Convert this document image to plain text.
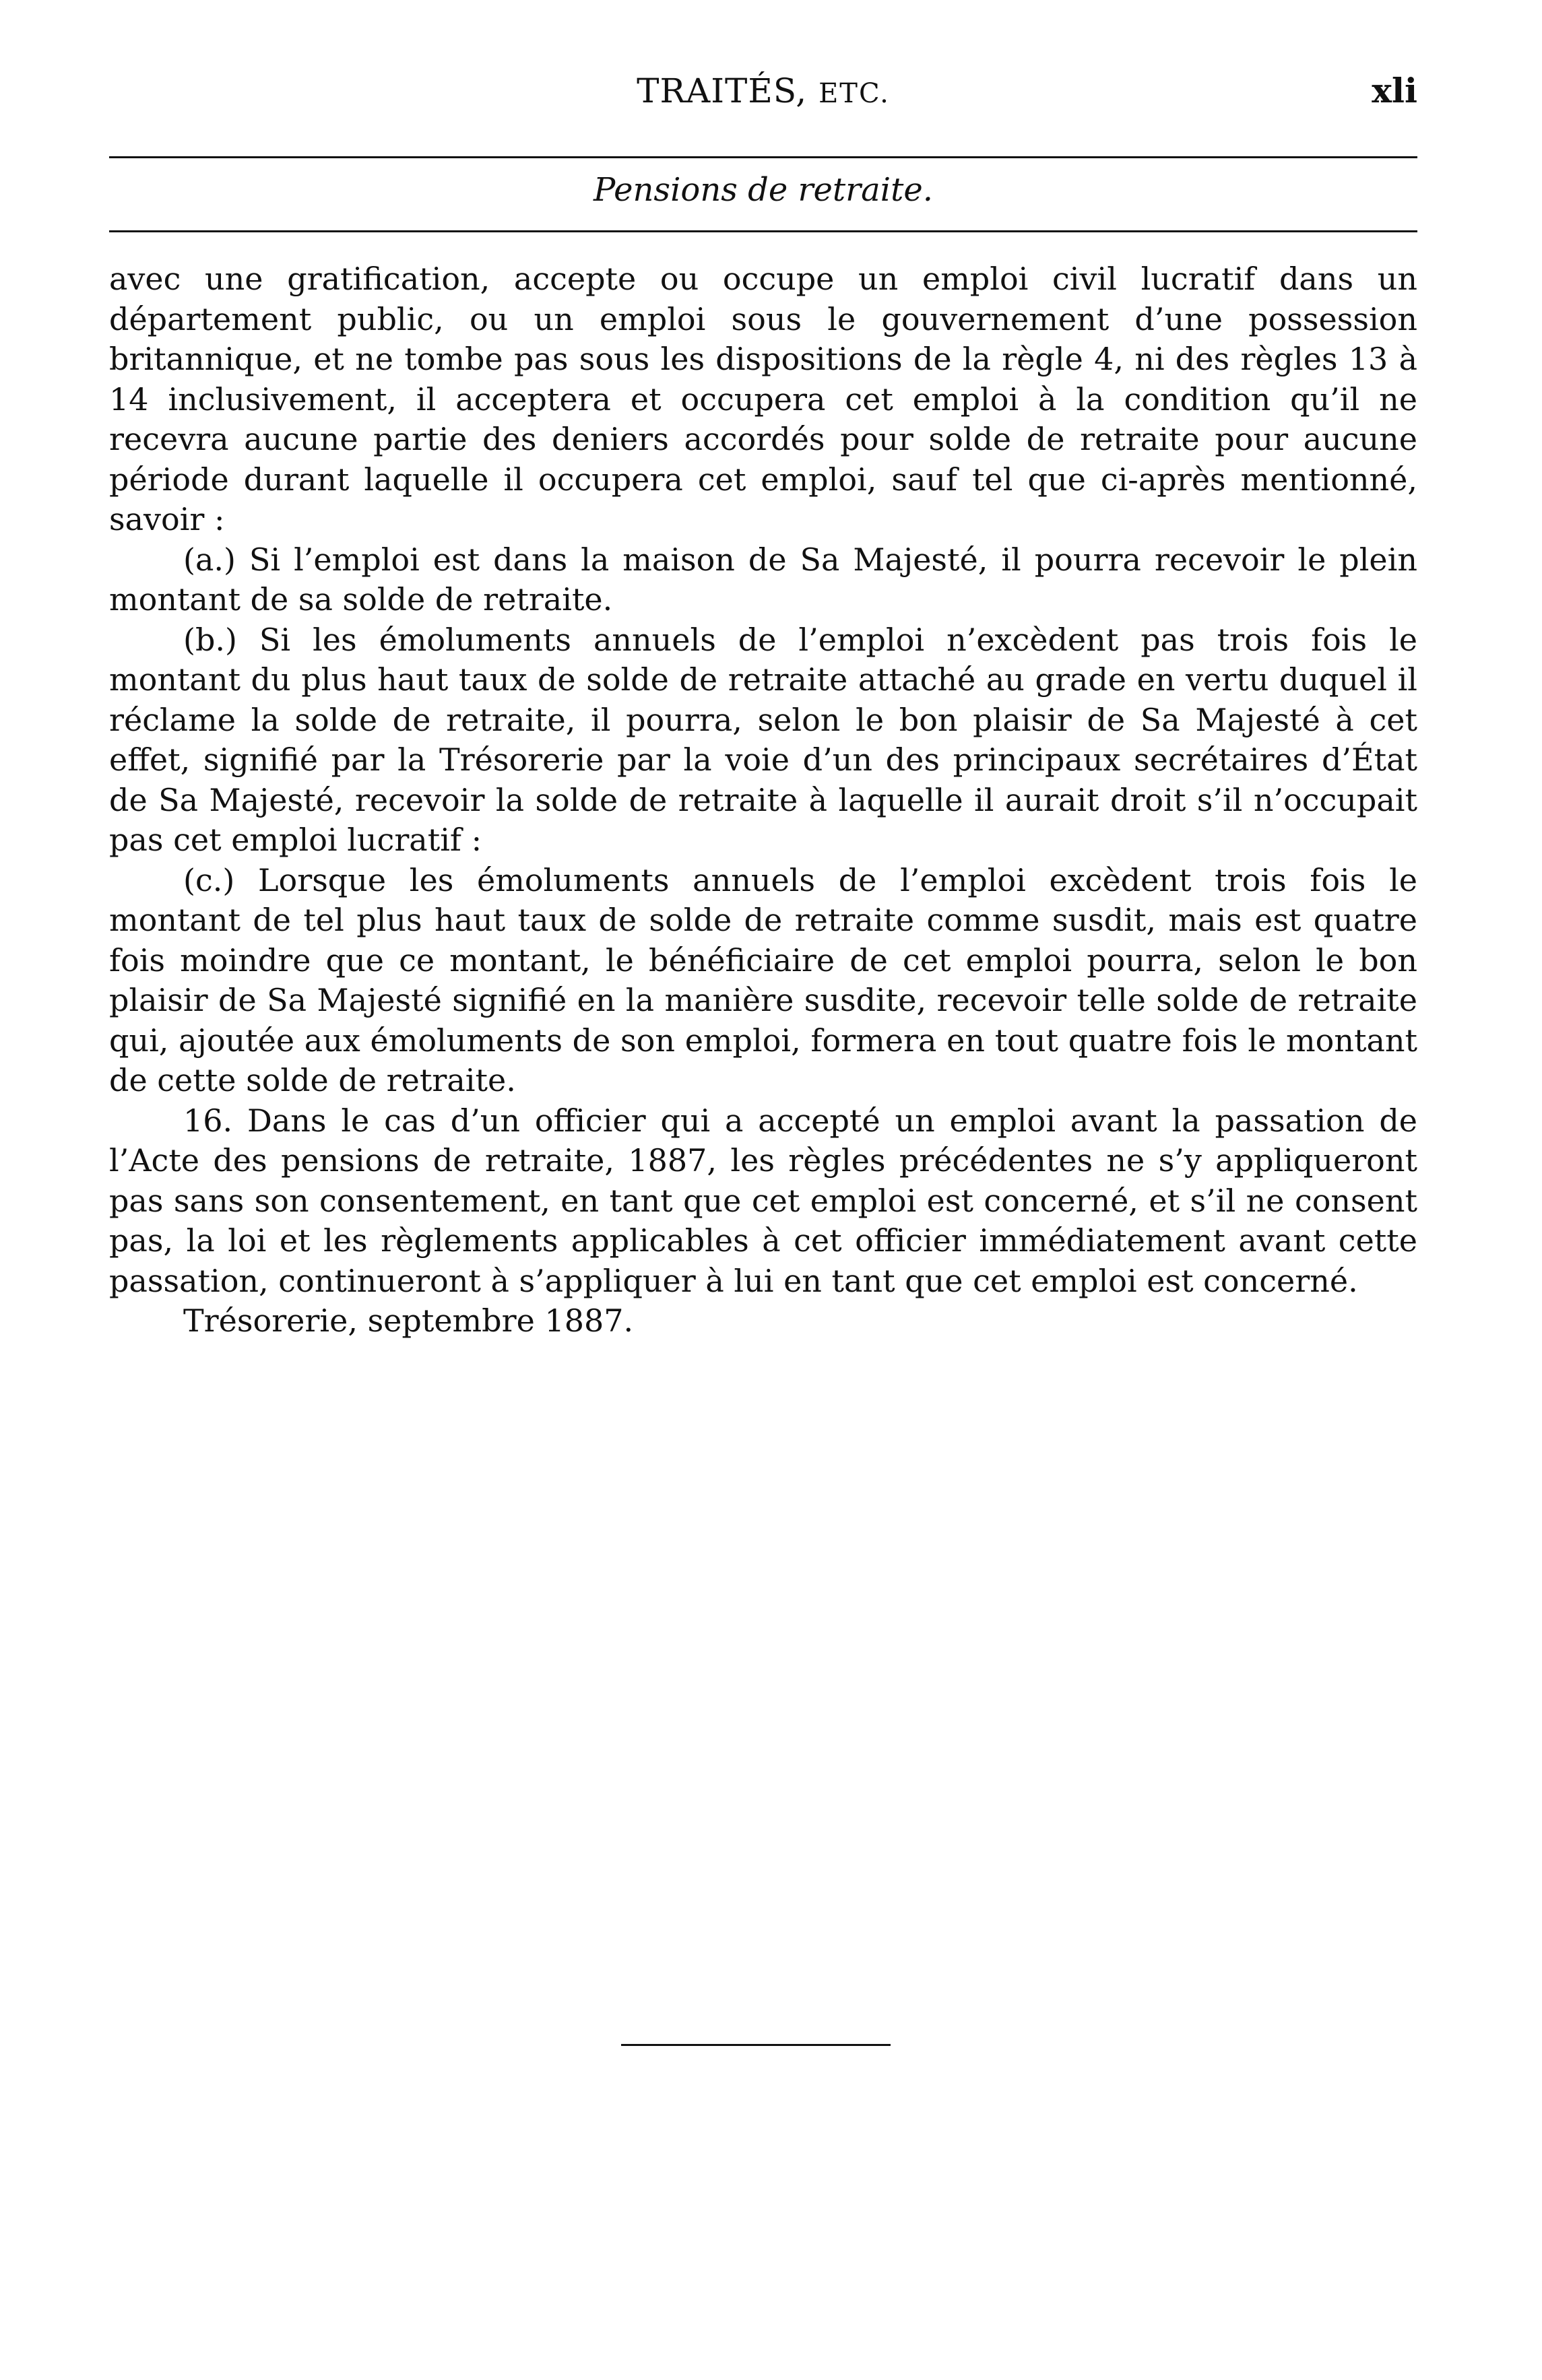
TRAITÉS, ETC.	xli
Pensions de retraite.

avec une gratification, accepte ou occupe un emploi civil lucratif dans un département public, ou un emploi sous le gouvernement d’une possession britannique, et ne tombe pas sous les dispositions de la règle 4, ni des règles 13 à 14 inclusivement, il acceptera et occupera cet emploi à la condition qu’il ne recevra aucune partie des deniers accordés pour solde de retraite pour aucune période durant laquelle il occupera cet emploi, sauf tel que ci-après mentionné, savoir :

(a.) Si l’emploi est dans la maison de Sa Majesté, il pourra recevoir le plein montant de sa solde de retraite.

(b.) Si les émoluments annuels de l’emploi n’excèdent pas trois fois le montant du plus haut taux de solde de retraite attaché au grade en vertu duquel il réclame la solde de retraite, il pourra, selon le bon plaisir de Sa Majesté à cet effet, signifié par la Trésorerie par la voie d’un des principaux secrétaires d’État de Sa Majesté, recevoir la solde de retraite à laquelle il aurait droit s’il n’occupait pas cet emploi lucratif :

(c.) Lorsque les émoluments annuels de l’emploi excèdent trois fois le montant de tel plus haut taux de solde de retraite comme susdit, mais est quatre fois moindre que ce montant, le bénéficiaire de cet emploi pourra, selon le bon plaisir de Sa Majesté signifié en la manière susdite, recevoir telle solde de retraite qui, ajoutée aux émoluments de son emploi, formera en tout quatre fois le montant de cette solde de retraite.

16. Dans le cas d’un officier qui a accepté un emploi avant la passation de l’Acte des pensions de retraite, 1887, les règles précédentes ne s’y appliqueront pas sans son consentement, en tant que cet emploi est concerné, et s’il ne consent pas, la loi et les règlements applicables à cet officier immédiatement avant cette passation, continueront à s’appliquer à lui en tant que cet emploi est concerné.

Trésorerie, septembre 1887.
